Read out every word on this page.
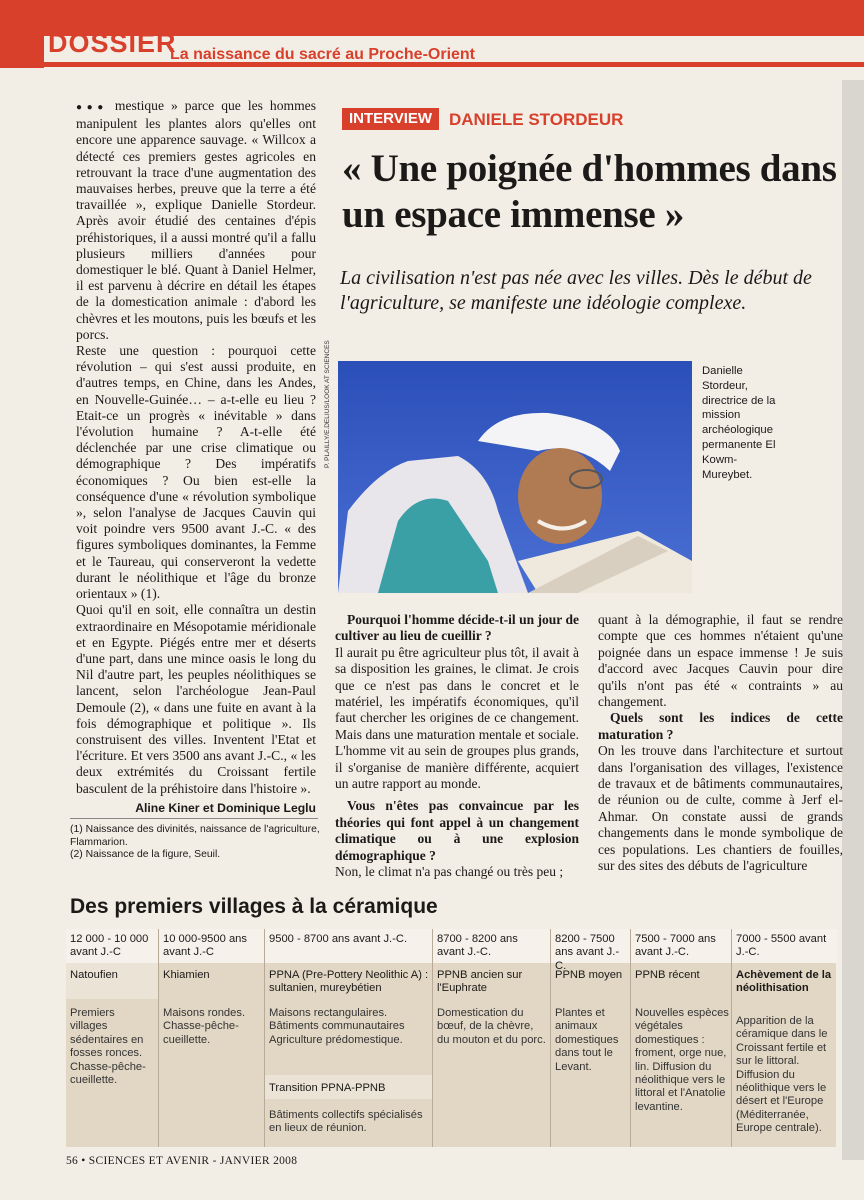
DOSSIER
La naissance du sacré au Proche-Orient

●●● mestique » parce que les hommes manipulent les plantes alors qu'elles ont encore une apparence sauvage. « Willcox a détecté ces premiers gestes agricoles en retrouvant la trace d'une augmentation des mauvaises herbes, preuve que la terre a été travaillée », explique Danielle Stordeur. Après avoir étudié des centaines d'épis préhistoriques, il a aussi montré qu'il a fallu plusieurs milliers d'années pour domestiquer le blé. Quant à Daniel Helmer, il est parvenu à décrire en détail les étapes de la domestication animale : d'abord les chèvres et les moutons, puis les bœufs et les porcs.

Reste une question : pourquoi cette révolution – qui s'est aussi produite, en d'autres temps, en Chine, dans les Andes, en Nouvelle-Guinée… – a-t-elle eu lieu ? Etait-ce un progrès « inévitable » dans l'évolution humaine ? A-t-elle été déclenchée par une crise climatique ou démographique ? Des impératifs économiques ? Ou bien est-elle la conséquence d'une « révolution symbolique », selon l'analyse de Jacques Cauvin qui voit poindre vers 9500 avant J.-C. « des figures symboliques dominantes, la Femme et le Taureau, qui conserveront la vedette durant le néolithique et l'âge du bronze orientaux » (1).

Quoi qu'il en soit, elle connaîtra un destin extraordinaire en Mésopotamie méridionale et en Egypte. Piégés entre mer et déserts d'une part, dans une mince oasis le long du Nil d'autre part, les peuples néolithiques se lancent, selon l'archéologue Jean-Paul Demoule (2), « dans une fuite en avant à la fois démographique et politique ». Ils construisent des villes. Inventent l'Etat et l'écriture. Et vers 3500 ans avant J.-C., « les deux extrémités du Croissant fertile basculent de la préhistoire dans l'histoire ».

Aline Kiner et Dominique Leglu
(1) Naissance des divinités, naissance de l'agriculture, Flammarion.
(2) Naissance de la figure, Seuil.
INTERVIEW DANIELE STORDEUR
« Une poignée d'hommes dans un espace immense »
La civilisation n'est pas née avec les villes. Dès le début de l'agriculture, se manifeste une idéologie complexe.
P. PLAILLY/E.DELIUS/LOOK AT SCIENCES	Danielle Stordeur, directrice de la mission archéologique permanente El Kowm-Mureybet.

Pourquoi l'homme décide-t-il un jour de cultiver au lieu de cueillir ?

Il aurait pu être agriculteur plus tôt, il avait à sa disposition les graines, le climat. Je crois que ce n'est pas dans le concret et le matériel, les impératifs économiques, qu'il faut chercher les origines de ce changement. Mais dans une maturation mentale et sociale. L'homme vit au sein de groupes plus grands, il s'organise de manière différente, acquiert un autre rapport au monde.

Vous n'êtes pas convaincue par les théories qui font appel à un changement climatique ou à une explosion démographique ?

Non, le climat n'a pas changé ou très peu ;

quant à la démographie, il faut se rendre compte que ces hommes n'étaient qu'une poignée dans un espace immense ! Je suis d'accord avec Jacques Cauvin pour dire qu'ils n'ont pas été « contraints » au changement.

Quels sont les indices de cette maturation ?

On les trouve dans l'architecture et surtout dans l'organisation des villages, l'existence de travaux et de bâtiments communautaires, de réunion ou de culte, comme à Jerf el-Ahmar. On constate aussi de grands changements dans le monde symbolique de ces populations. Les chantiers de fouilles, sur des sites des débuts de l'agriculture

Des premiers villages à la céramique
12 000 - 10 000 avant J.-C
Natoufien
Premiers villages sédentaires en fosses ronces. Chasse-pêche-cueillette.
10 000-9500 ans avant J.-C
Khiamien
Maisons rondes. Chasse-pêche-cueillette.
9500 - 8700 ans avant J.-C.
PPNA (Pre-Pottery Neolithic A) : sultanien, mureybétien
Maisons rectangulaires. Bâtiments communautaires Agriculture prédomestique.
Transition PPNA-PPNB
Bâtiments collectifs spécialisés en lieux de réunion.
8700 - 8200 ans avant J.-C.
PPNB ancien sur l'Euphrate
Domestication du bœuf, de la chèvre, du mouton et du porc.
8200 - 7500 ans avant J.-C.
PPNB moyen
Plantes et animaux domestiques dans tout le Levant.
7500 - 7000 ans avant J.-C.
PPNB récent
Nouvelles espèces végétales domestiques : froment, orge nue, lin. Diffusion du néolithique vers le littoral et l'Anatolie levantine.
7000 - 5500 avant J.-C.
Achèvement de la néolithisation
Apparition de la céramique dans le Croissant fertile et sur le littoral. Diffusion du néolithique vers le désert et l'Europe (Méditerranée, Europe centrale).
56 • SCIENCES ET AVENIR - JANVIER 2008
